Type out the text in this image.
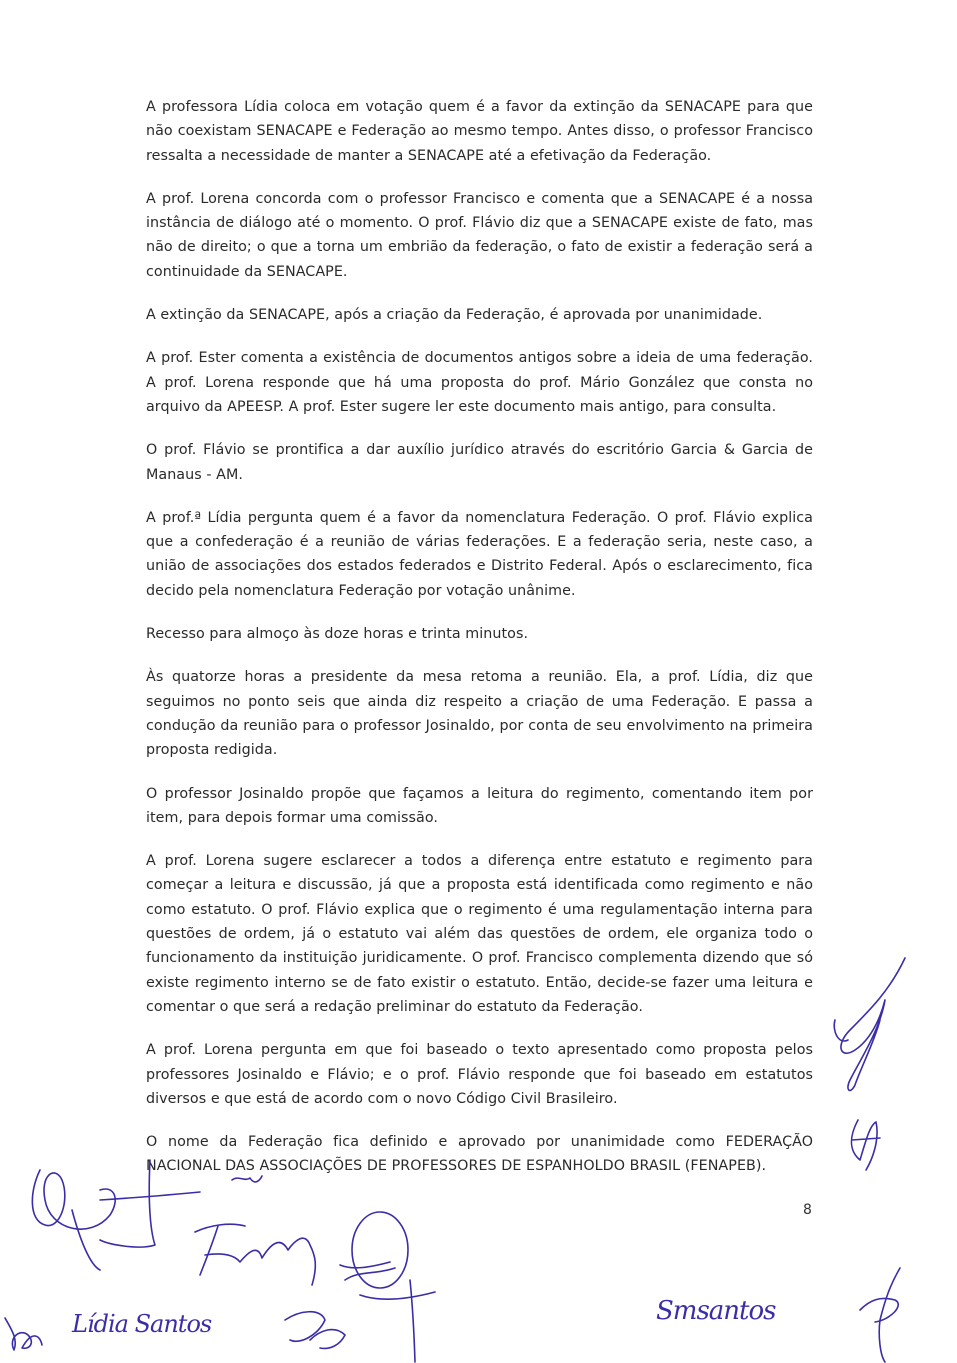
A professora Lídia coloca em votação quem é a favor da extinção da SENACAPE para que não coexistam SENACAPE e Federação ao mesmo tempo. Antes disso, o professor Francisco ressalta a necessidade de manter a SENACAPE até a efetivação da Federação.

A prof. Lorena concorda com o professor Francisco e comenta que a SENACAPE é a nossa instância de diálogo até o momento. O prof. Flávio diz que a SENACAPE existe de fato, mas não de direito; o que a torna um embrião da federação, o fato de existir a federação será a continuidade da SENACAPE.

A extinção da SENACAPE, após a criação da Federação, é aprovada por unanimidade.

A prof. Ester comenta a existência de documentos antigos sobre a ideia de uma federação. A prof. Lorena responde que há uma proposta do prof. Mário González que consta no arquivo da APEESP. A prof. Ester sugere ler este documento mais antigo, para consulta.

O prof. Flávio se prontifica a dar auxílio jurídico através do escritório Garcia & Garcia de Manaus - AM.

A prof.ª Lídia pergunta quem é a favor da nomenclatura Federação. O prof. Flávio explica que a confederação é a reunião de várias federações. E a federação seria, neste caso, a união de associações dos estados federados e Distrito Federal. Após o esclarecimento, fica decido pela nomenclatura Federação por votação unânime.

Recesso para almoço às doze horas e trinta minutos.

Às quatorze horas a presidente da mesa retoma a reunião. Ela, a prof. Lídia, diz que seguimos no ponto seis que ainda diz respeito a criação de uma Federação. E passa a condução da reunião para o professor Josinaldo, por conta de seu envolvimento na primeira proposta redigida.

O professor Josinaldo propõe que façamos a leitura do regimento, comentando item por item, para depois formar uma comissão.

A prof. Lorena sugere esclarecer a todos a diferença entre estatuto e regimento para começar a leitura e discussão, já que a proposta está identificada como regimento e não como estatuto. O prof. Flávio explica que o regimento é uma regulamentação interna para questões de ordem, já o estatuto vai além das questões de ordem, ele organiza todo o funcionamento da instituição juridicamente. O prof. Francisco complementa dizendo que só existe regimento interno se de fato existir o estatuto. Então, decide-se fazer uma leitura e comentar o que será a redação preliminar do estatuto da Federação.

A prof. Lorena pergunta em que foi baseado o texto apresentado como proposta pelos professores Josinaldo e Flávio; e o prof. Flávio responde que foi baseado em estatutos diversos e que está de acordo com o novo Código Civil Brasileiro.

O nome da Federação fica definido e aprovado por unanimidade como FEDERAÇÃO NACIONAL DAS ASSOCIAÇÕES DE PROFESSORES DE ESPANHOLDO BRASIL (FENAPEB).

8
Smsantos
Lídia Santos
